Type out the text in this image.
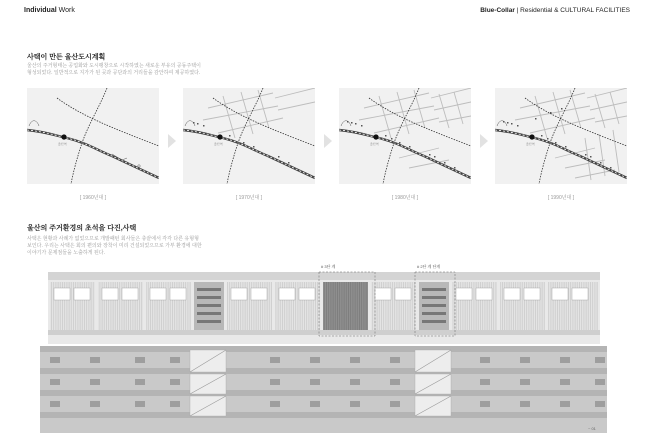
Individual Work	Blue-Collar | Residential & CULTURAL FACILITIES
사택이 만든 울산도시계획
울산의 주거형태는 공업화와 도시팽창으로 시작하였는 새로운 부유의 공동주택이
형성되었다. 일반적으로 지가가 된 곳과 공단과의 거리들을 감안하여 제공하였다.
울산역
[ 1960년대 ]
울산역
[ 1970년대 ]
울산역
[ 1980년대 ]
울산역
[ 1990년대 ]
울산의 주거환경의 초석을 다진,사택
사택은 현황과 사례가 없었으므로 개발패턴 회사들은 층끝에서 각각 다른 유형형
보인다. 우리는 사택은 회의 편의와 장착이 미리 건설되었으므로 가부 환경에 대한
이야기가 문제점들을 노출하게 된다.
# 3단 계	# 2단 계 단계
~ 01
